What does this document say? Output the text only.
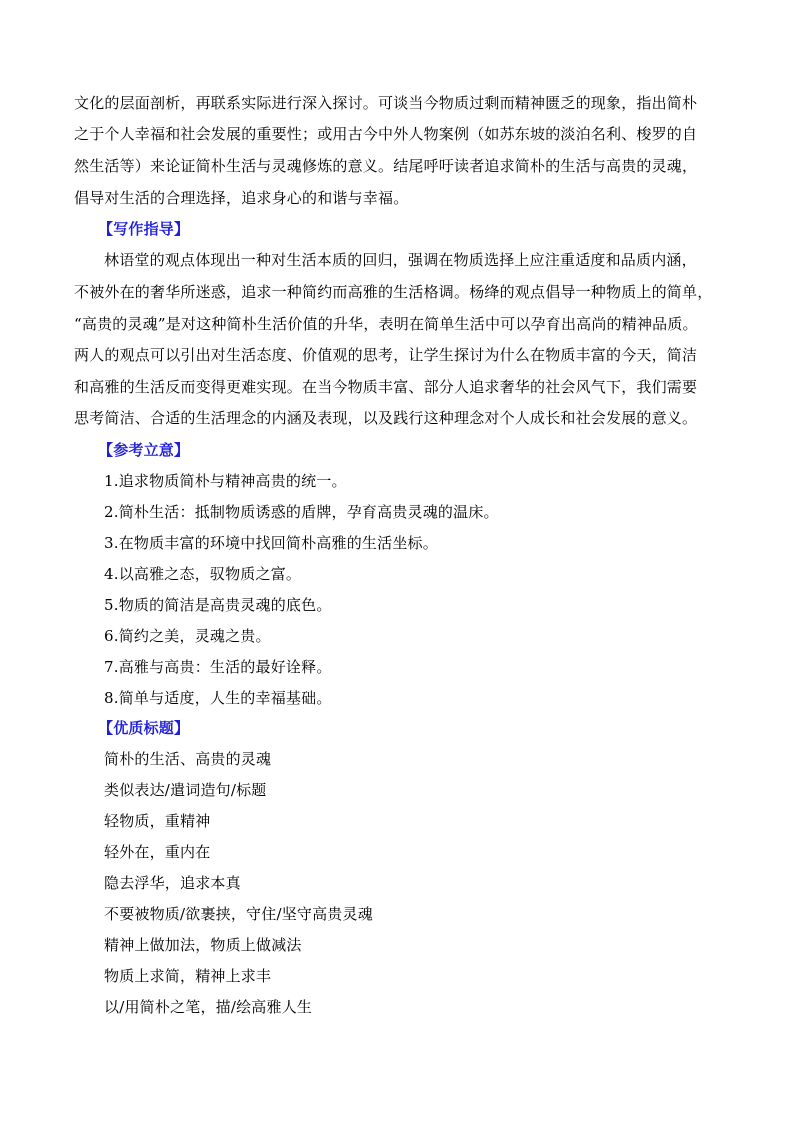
文化的层面剖析，再联系实际进行深入探讨。可谈当今物质过剩而精神匮乏的现象，指出简朴
之于个人幸福和社会发展的重要性；或用古今中外人物案例（如苏东坡的淡泊名利、梭罗的自
然生活等）来论证简朴生活与灵魂修炼的意义。结尾呼吁读者追求简朴的生活与高贵的灵魂，
倡导对生活的合理选择，追求身心的和谐与幸福。
【写作指导】
林语堂的观点体现出一种对生活本质的回归，强调在物质选择上应注重适度和品质内涵，
不被外在的奢华所迷惑，追求一种简约而高雅的生活格调。杨绛的观点倡导一种物质上的简单，
“高贵的灵魂”是对这种简朴生活价值的升华，表明在简单生活中可以孕育出高尚的精神品质。
两人的观点可以引出对生活态度、价值观的思考，让学生探讨为什么在物质丰富的今天，简洁
和高雅的生活反而变得更难实现。在当今物质丰富、部分人追求奢华的社会风气下，我们需要
思考简洁、合适的生活理念的内涵及表现，以及践行这种理念对个人成长和社会发展的意义。
【参考立意】
1.追求物质简朴与精神高贵的统一。
2.简朴生活：抵制物质诱惑的盾牌，孕育高贵灵魂的温床。
3.在物质丰富的环境中找回简朴高雅的生活坐标。
4.以高雅之态，驭物质之富。
5.物质的简洁是高贵灵魂的底色。
6.简约之美，灵魂之贵。
7.高雅与高贵：生活的最好诠释。
8.简单与适度，人生的幸福基础。
【优质标题】
简朴的生活、高贵的灵魂
类似表达/遣词造句/标题
轻物质，重精神
轻外在，重内在
隐去浮华，追求本真
不要被物质/欲裹挟，守住/坚守高贵灵魂
精神上做加法，物质上做减法
物质上求简，精神上求丰
以/用简朴之笔，描/绘高雅人生
